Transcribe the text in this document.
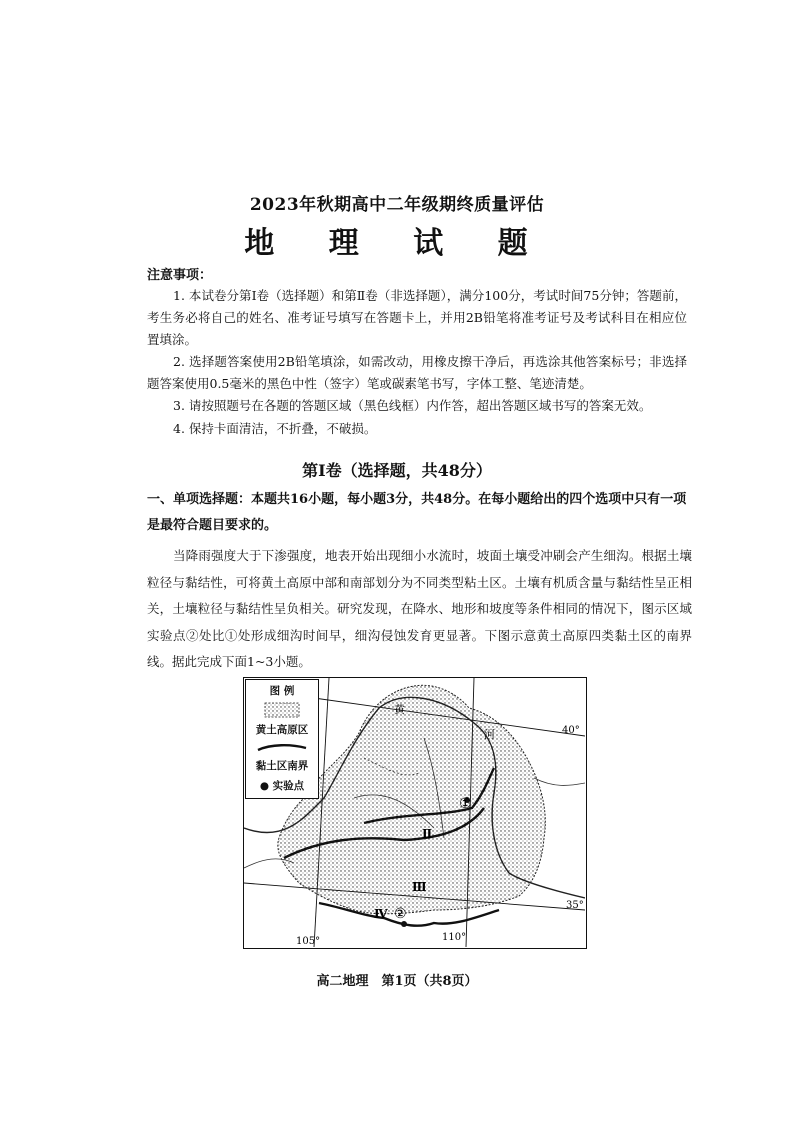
2023年秋期高中二年级期终质量评估
地 理 试 题
注意事项：
1. 本试卷分第Ⅰ卷（选择题）和第Ⅱ卷（非选择题），满分100分，考试时间75分钟；答题前，考生务必将自己的姓名、准考证号填写在答题卡上，并用2B铅笔将准考证号及考试科目在相应位置填涂。
2. 选择题答案使用2B铅笔填涂，如需改动，用橡皮擦干净后，再选涂其他答案标号；非选择题答案使用0.5毫米的黑色中性（签字）笔或碳素笔书写，字体工整、笔迹清楚。
3. 请按照题号在各题的答题区域（黑色线框）内作答，超出答题区域书写的答案无效。
4. 保持卡面清洁，不折叠，不破损。
第Ⅰ卷（选择题，共48分）
一、单项选择题：本题共16小题，每小题3分，共48分。在每小题给出的四个选项中只有一项是最符合题目要求的。
当降雨强度大于下渗强度，地表开始出现细小水流时，坡面土壤受冲刷会产生细沟。根据土壤粒径与黏结性，可将黄土高原中部和南部划分为不同类型粘土区。土壤有机质含量与黏结性呈正相关，土壤粒径与黏结性呈负相关。研究发现，在降水、地形和坡度等条件相同的情况下，图示区域实验点②处比①处形成细沟时间早，细沟侵蚀发育更显著。下图示意黄土高原四类黏土区的南界线。据此完成下面1~3小题。
黄
河
Ⅱ
Ⅲ
Ⅳ
①
②
40°
35°
105°	110°
图 例
黄土高原区
黏土区南界
● 实验点
高二地理　第1页（共8页）
